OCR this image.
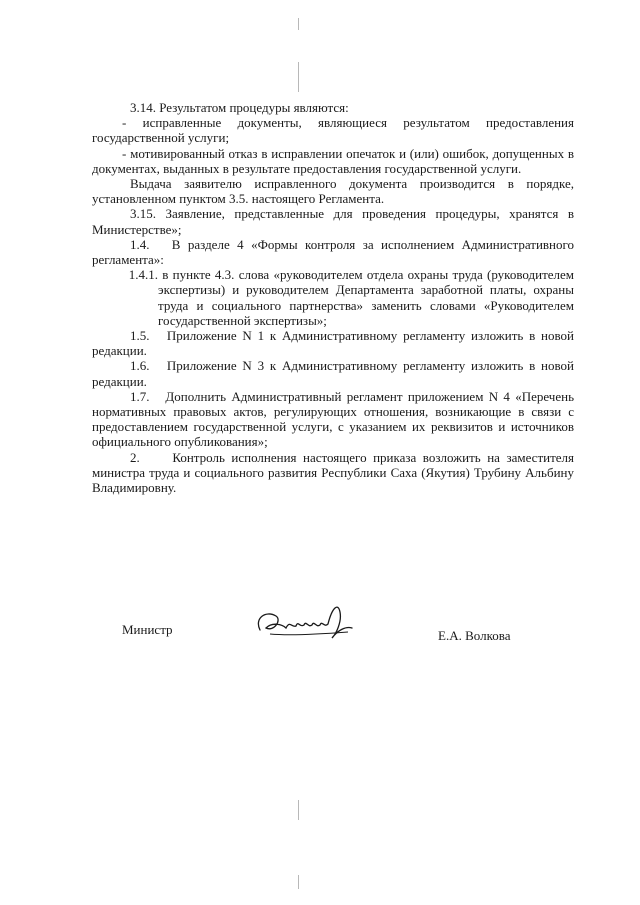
3.14. Результатом процедуры являются:

- исправленные документы, являющиеся результатом предоставления государственной услуги;

- мотивированный отказ в исправлении опечаток и (или) ошибок, допущенных в документах, выданных в результате предоставления государственной услуги.

Выдача заявителю исправленного документа производится в порядке, установленном пунктом 3.5. настоящего Регламента.

3.15. Заявление, представленные для проведения процедуры, хранятся в Министерстве»;

1.4. В разделе 4 «Формы контроля за исполнением Административного регламента»:

1.4.1. в пункте 4.3. слова «руководителем отдела охраны труда (руководителем экспертизы) и руководителем Департамента заработной платы, охраны труда и социального партнерства» заменить словами «Руководителем государственной экспертизы»;

1.5. Приложение N 1 к Административному регламенту изложить в новой редакции.

1.6. Приложение N 3 к Административному регламенту изложить в новой редакции.

1.7. Дополнить Административный регламент приложением N 4 «Перечень нормативных правовых актов, регулирующих отношения, возникающие в связи с предоставлением государственной услуги, с указанием их реквизитов и источников официального опубликования»;

2.	Контроль исполнения настоящего приказа возложить на заместителя министра труда и социального развития Республики Саха (Якутия) Трубину Альбину Владимировну.

Министр	Е.А. Волкова
